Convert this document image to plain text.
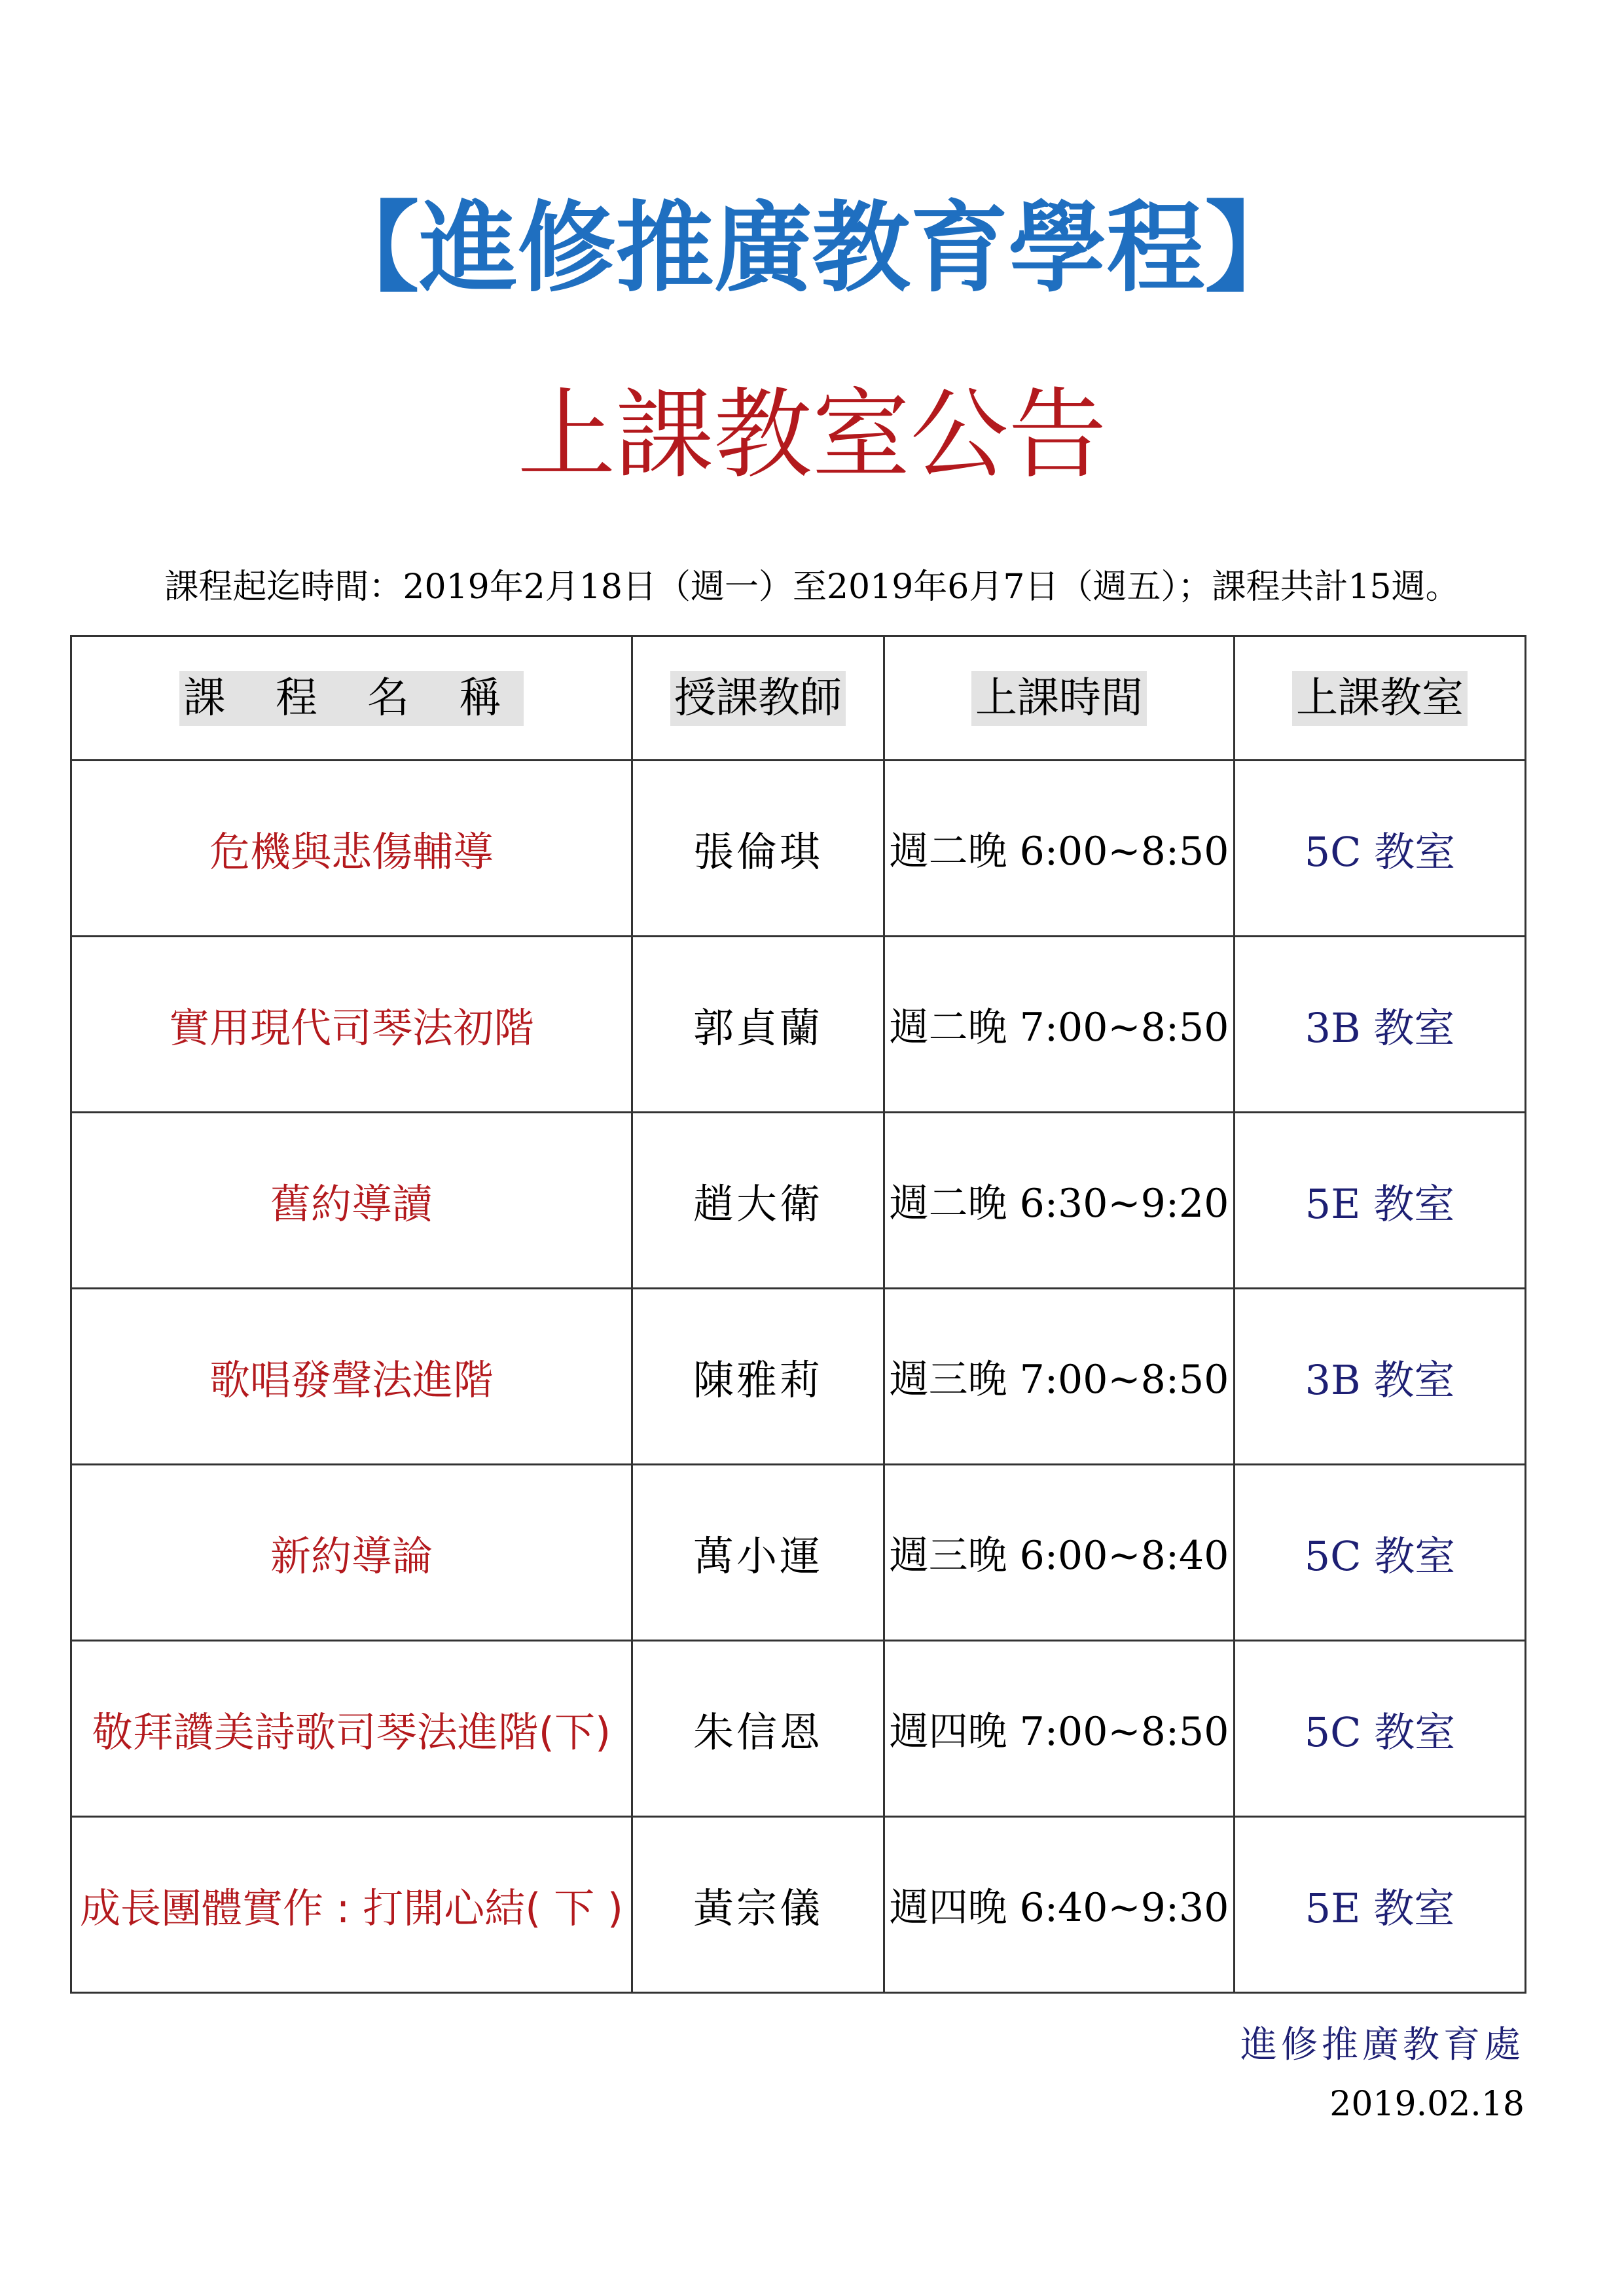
【進修推廣教育學程】
上課教室公告
課程起迄時間：2019年2月18日（週一）至2019年6月7日（週五）；課程共計15週。
課 程 名 稱	授課教師	上課時間	上課教室
危機與悲傷輔導	張倫琪	週二晚 6:00~8:50	5C 教室
實用現代司琴法初階	郭貞蘭	週二晚 7:00~8:50	3B 教室
舊約導讀	趙大衛	週二晚 6:30~9:20	5E 教室
歌唱發聲法進階	陳雅莉	週三晚 7:00~8:50	3B 教室
新約導論	萬小運	週三晚 6:00~8:40	5C 教室
敬拜讚美詩歌司琴法進階(下)	朱信恩	週四晚 7:00~8:50	5C 教室
成長團體實作 : 打開心結( 下 )	黃宗儀	週四晚 6:40~9:30	5E 教室
進修推廣教育處
2019.02.18
